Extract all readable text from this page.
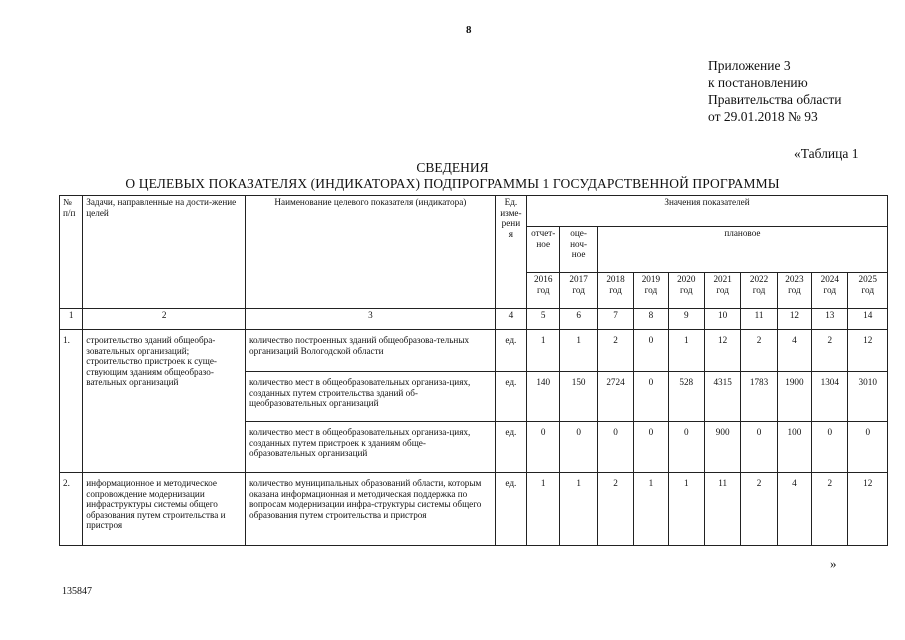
8
Приложение 3
к постановлению
Правительства области
от 29.01.2018 № 93
«Таблица 1
СВЕДЕНИЯ
О ЦЕЛЕВЫХ ПОКАЗАТЕЛЯХ (ИНДИКАТОРАХ) ПОДПРОГРАММЫ 1 ГОСУДАРСТВЕННОЙ ПРОГРАММЫ
№ п/п	Задачи, направленные на дости-жение целей	Наименование целевого показателя (индикатора)	Ед. изме-рени я	Значения показателей									
				отчет-ное	оце-ноч-ное	плановое							
				2016 год	2017 год	2018 год	2019 год	2020 год	2021 год	2022 год	2023 год	2024 год	2025 год
1	2	3	4	5	6	7	8	9	10	11	12	13	14
1.	строительство зданий общеобра-зовательных организаций; строительство пристроек к суще-ствующим зданиям общеобразо-вательных организаций	количество построенных зданий общеобразова-тельных организаций Вологодской области	ед.	1	1	2	0	1	12	2	4	2	12
		количество мест в общеобразовательных организа-циях, созданных путем строительства зданий об-щеобразовательных организаций	ед.	140	150	2724	0	528	4315	1783	1900	1304	3010
		количество мест в общеобразовательных организа-циях, созданных путем пристроек к зданиям обще-образовательных организаций	ед.	0	0	0	0	0	900	0	100	0	0
2.	информационное и методическое сопровождение модернизации инфраструктуры системы общего образования путем строительства и пристроя	количество муниципальных образований области, которым оказана информационная и методическая поддержка по вопросам модернизации инфра-структуры системы общего образования путем строительства и пристроя	ед.	1	1	2	1	1	11	2	4	2	12
»
135847
